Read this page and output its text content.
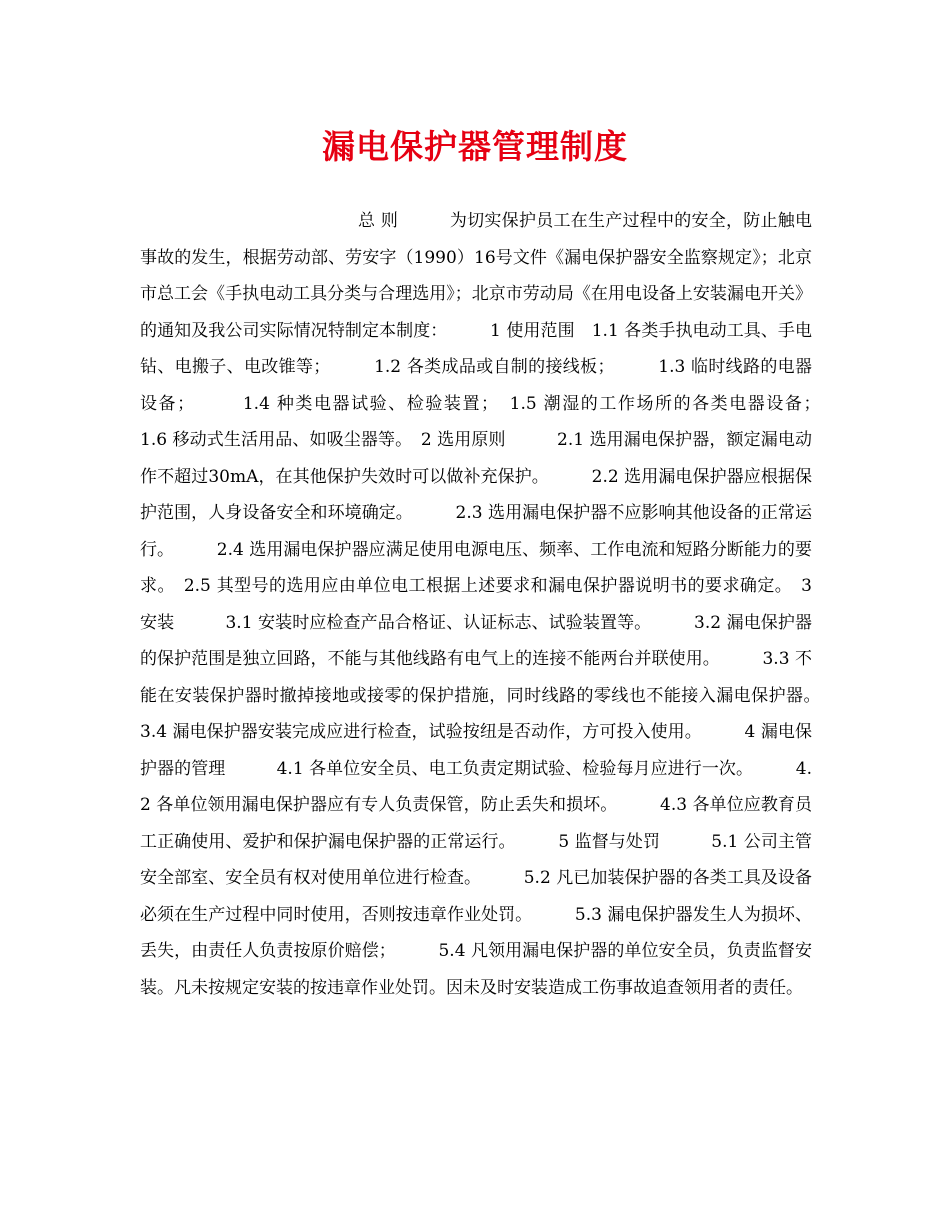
漏电保护器管理制度

总 则　　　为切实保护员工在生产过程中的安全，防止触电事故的发生，根据劳动部、劳安字（1990）16号文件《漏电保护器安全监察规定》；北京市总工会《手执电动工具分类与合理选用》；北京市劳动局《在用电设备上安装漏电开关》的通知及我公司实际情况特制定本制度：　　　1 使用范围　1.1 各类手执电动工具、手电钻、电搬子、电改锥等；　　　1.2 各类成品或自制的接线板；　　　1.3 临时线路的电器设备；　　　1.4 种类电器试验、检验装置；　1.5 潮湿的工作场所的各类电器设备；　　　1.6 移动式生活用品、如吸尘器等。　2 选用原则　　　2.1 选用漏电保护器，额定漏电动作不超过30mA，在其他保护失效时可以做补充保护。　　　2.2 选用漏电保护器应根据保护范围，人身设备安全和环境确定。　　　2.3 选用漏电保护器不应影响其他设备的正常运行。　　　2.4 选用漏电保护器应满足使用电源电压、频率、工作电流和短路分断能力的要求。　2.5 其型号的选用应由单位电工根据上述要求和漏电保护器说明书的要求确定。　3 安装　　　3.1 安装时应检查产品合格证、认证标志、试验装置等。　　　3.2 漏电保护器的保护范围是独立回路，不能与其他线路有电气上的连接不能两台并联使用。　　　3.3 不能在安装保护器时撤掉接地或接零的保护措施，同时线路的零线也不能接入漏电保护器。　　　3.4 漏电保护器安装完成应进行检查，试验按纽是否动作，方可投入使用。　　　4 漏电保护器的管理　　　4.1 各单位安全员、电工负责定期试验、检验每月应进行一次。　　　4.2 各单位领用漏电保护器应有专人负责保管，防止丢失和损坏。　　　4.3 各单位应教育员工正确使用、爱护和保护漏电保护器的正常运行。　　　5 监督与处罚　　　5.1 公司主管安全部室、安全员有权对使用单位进行检查。　　　5.2 凡已加装保护器的各类工具及设备必须在生产过程中同时使用，否则按违章作业处罚。　　　5.3 漏电保护器发生人为损坏、丢失，由责任人负责按原价赔偿；　　　5.4 凡领用漏电保护器的单位安全员，负责监督安装。凡未按规定安装的按违章作业处罚。因未及时安装造成工伤事故追查领用者的责任。
